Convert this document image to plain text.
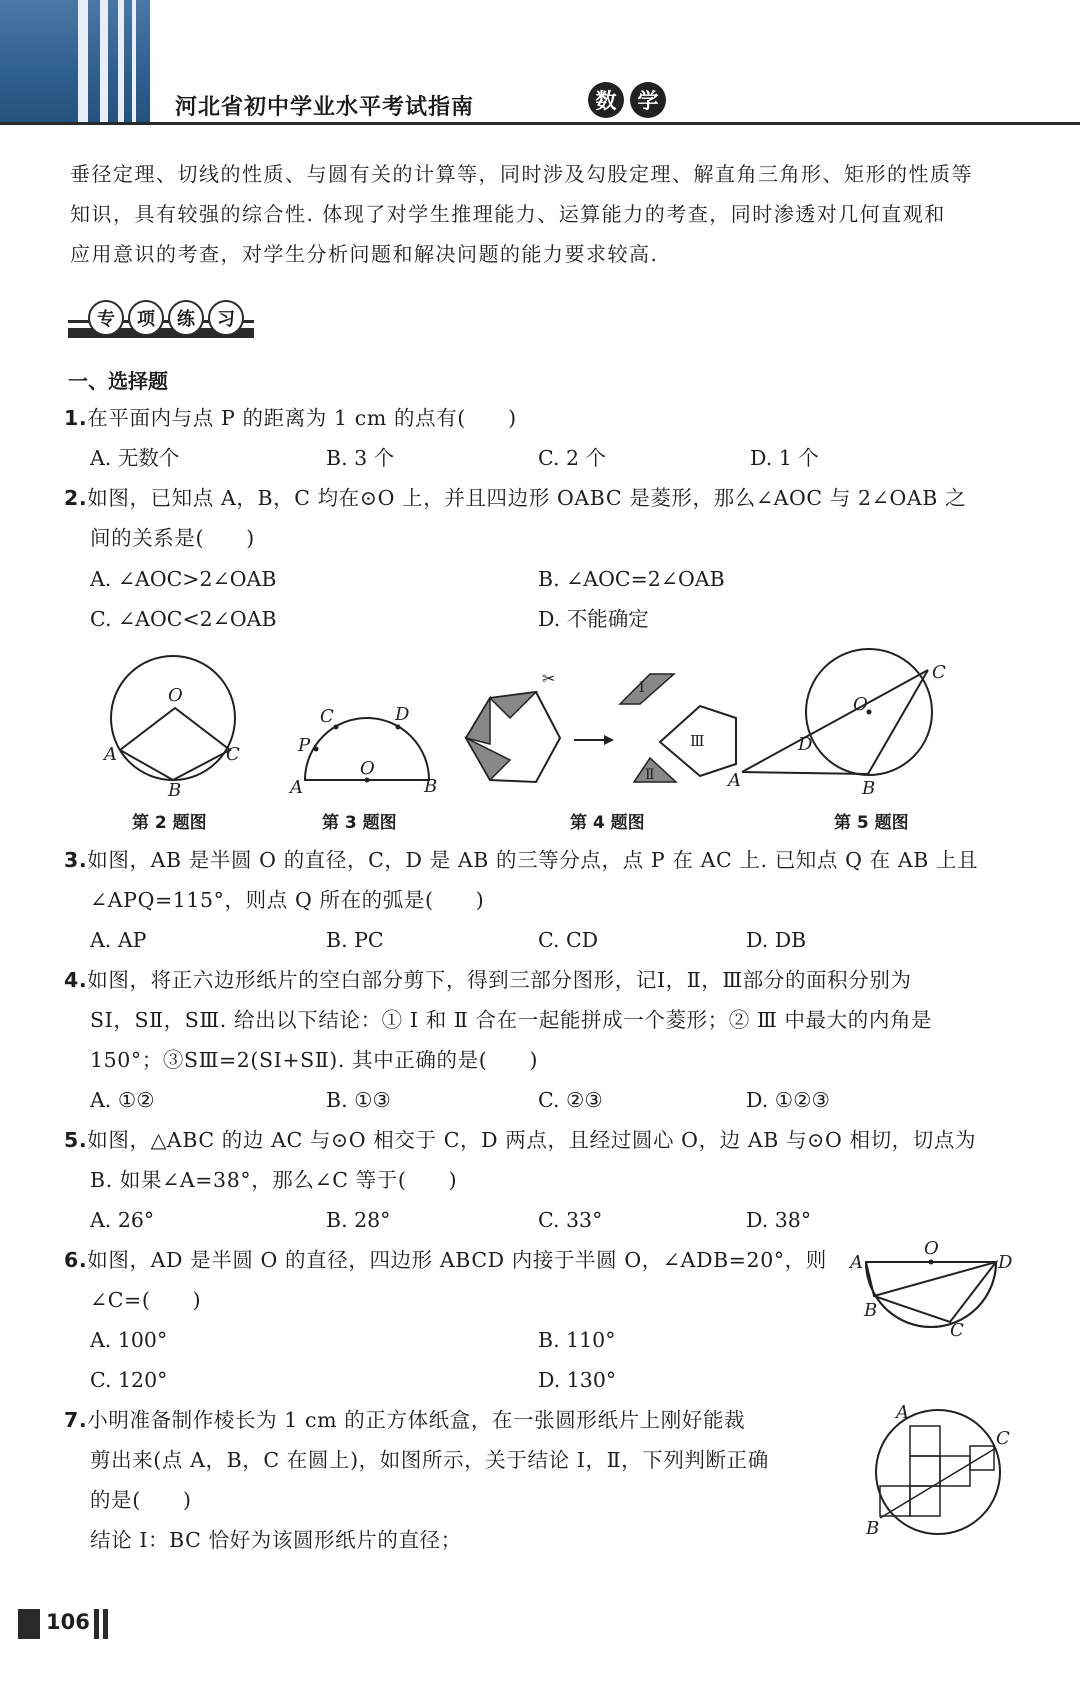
河北省初中学业水平考试指南	数	学
垂径定理、切线的性质、与圆有关的计算等，同时涉及勾股定理、解直角三角形、矩形的性质等
知识，具有较强的综合性. 体现了对学生推理能力、运算能力的考查，同时渗透对几何直观和
应用意识的考查，对学生分析问题和解决问题的能力要求较高.
专	项	练	习
一、选择题
1.在平面内与点 P 的距离为 1 cm 的点有(　　)
A. 无数个	B. 3 个	C. 2 个	D. 1 个
2.如图，已知点 A，B，C 均在⊙O 上，并且四边形 OABC 是菱形，那么∠AOC 与 2∠OAB 之
间的关系是(　　)
A. ∠AOC>2∠OAB	B. ∠AOC=2∠OAB
C. ∠AOC<2∠OAB	D. 不能确定
O
A	C
B
C	D
P
O
A	B
✂	Ⅰ
Ⅲ
Ⅱ
C
O
D
A	B
第 2 题图	第 3 题图	第 4 题图	第 5 题图
3.如图，AB 是半圆 O 的直径，C，D 是 AB 的三等分点，点 P 在 AC 上. 已知点 Q 在 AB 上且
∠APQ=115°，则点 Q 所在的弧是(　　)
A. AP	B. PC	C. CD	D. DB
4.如图，将正六边形纸片的空白部分剪下，得到三部分图形，记Ⅰ，Ⅱ，Ⅲ部分的面积分别为
SⅠ，SⅡ，SⅢ. 给出以下结论：① Ⅰ 和 Ⅱ 合在一起能拼成一个菱形；② Ⅲ 中最大的内角是
150°；③SⅢ=2(SⅠ+SⅡ). 其中正确的是(　　)
A. ①②	B. ①③	C. ②③	D. ①②③
5.如图，△ABC 的边 AC 与⊙O 相交于 C，D 两点，且经过圆心 O，边 AB 与⊙O 相切，切点为
B. 如果∠A=38°，那么∠C 等于(　　)
A. 26°	B. 28°	C. 33°	D. 38°
6.如图，AD 是半圆 O 的直径，四边形 ABCD 内接于半圆 O，∠ADB=20°，则
∠C=(　　)
A. 100°	B. 110°
C. 120°	D. 130°
O
A	D
B
C
7.小明准备制作棱长为 1 cm 的正方体纸盒，在一张圆形纸片上刚好能裁
剪出来(点 A，B，C 在圆上)，如图所示，关于结论 Ⅰ，Ⅱ，下列判断正确
的是(　　)
结论 Ⅰ：BC 恰好为该圆形纸片的直径；
A
C
B
106
